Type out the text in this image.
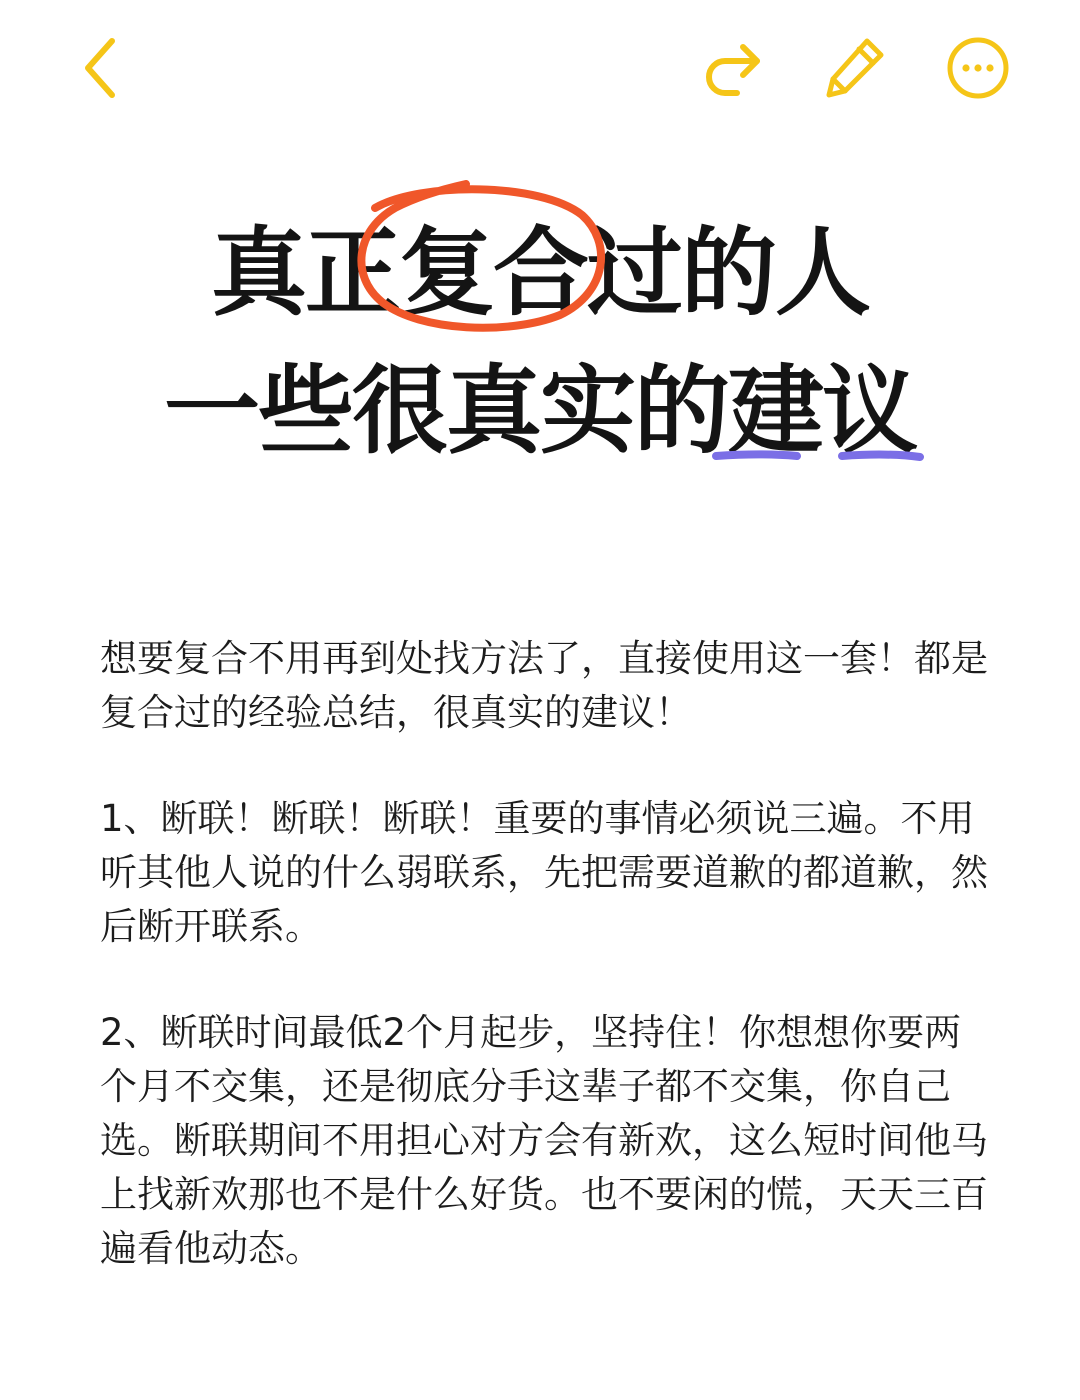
真正复合过的人
一些很真实的建议

想要复合不用再到处找方法了，直接使用这一套！都是复合过的经验总结，很真实的建议！

1、断联！断联！断联！重要的事情必须说三遍。不用听其他人说的什么弱联系，先把需要道歉的都道歉，然后断开联系。

2、断联时间最低2个月起步，坚持住！你想想你要两个月不交集，还是彻底分手这辈子都不交集，你自己选。断联期间不用担心对方会有新欢，这么短时间他马上找新欢那也不是什么好货。也不要闲的慌，天天三百遍看他动态。
